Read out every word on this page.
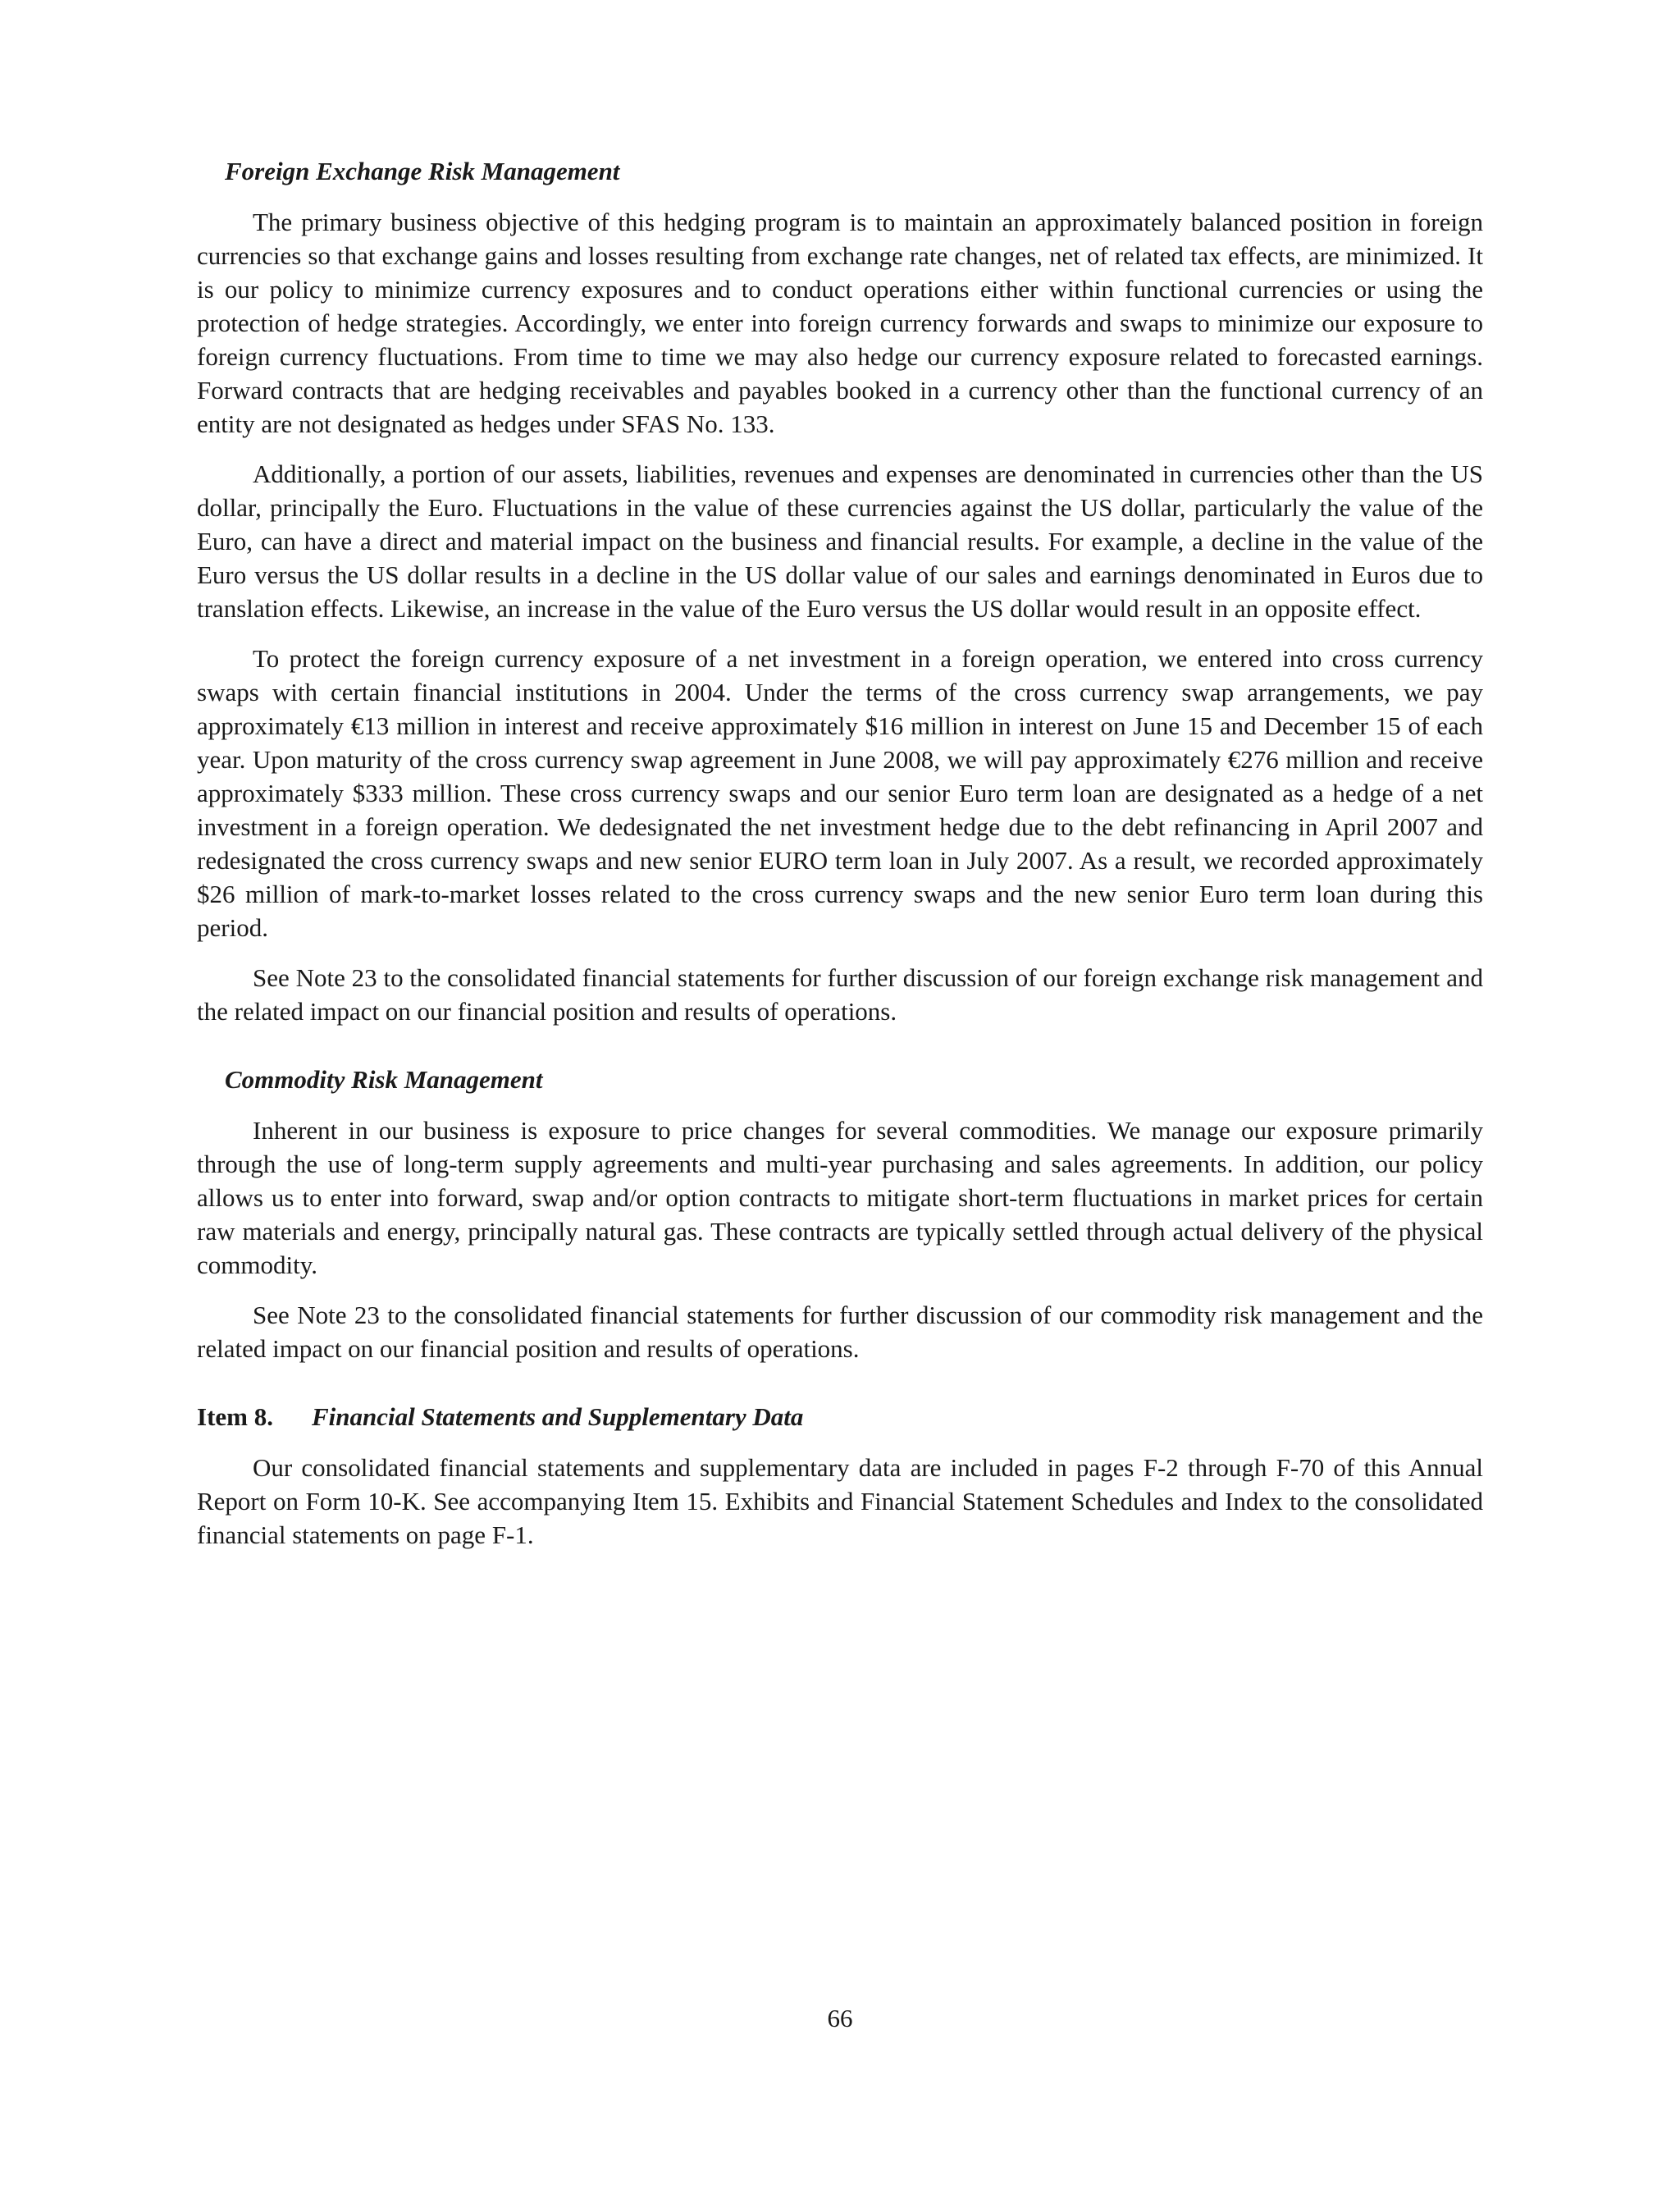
Foreign Exchange Risk Management

The primary business objective of this hedging program is to maintain an approximately balanced position in foreign currencies so that exchange gains and losses resulting from exchange rate changes, net of related tax effects, are minimized. It is our policy to minimize currency exposures and to conduct operations either within functional currencies or using the protection of hedge strategies. Accordingly, we enter into foreign currency forwards and swaps to minimize our exposure to foreign currency fluctuations. From time to time we may also hedge our currency exposure related to forecasted earnings. Forward contracts that are hedging receivables and payables booked in a currency other than the functional currency of an entity are not designated as hedges under SFAS No. 133.

Additionally, a portion of our assets, liabilities, revenues and expenses are denominated in currencies other than the US dollar, principally the Euro. Fluctuations in the value of these currencies against the US dollar, particularly the value of the Euro, can have a direct and material impact on the business and financial results. For example, a decline in the value of the Euro versus the US dollar results in a decline in the US dollar value of our sales and earnings denominated in Euros due to translation effects. Likewise, an increase in the value of the Euro versus the US dollar would result in an opposite effect.

To protect the foreign currency exposure of a net investment in a foreign operation, we entered into cross currency swaps with certain financial institutions in 2004. Under the terms of the cross currency swap arrangements, we pay approximately €13 million in interest and receive approximately $16 million in interest on June 15 and December 15 of each year. Upon maturity of the cross currency swap agreement in June 2008, we will pay approximately €276 million and receive approximately $333 million. These cross currency swaps and our senior Euro term loan are designated as a hedge of a net investment in a foreign operation. We dedesignated the net investment hedge due to the debt refinancing in April 2007 and redesignated the cross currency swaps and new senior EURO term loan in July 2007. As a result, we recorded approximately $26 million of mark-to-market losses related to the cross currency swaps and the new senior Euro term loan during this period.

See Note 23 to the consolidated financial statements for further discussion of our foreign exchange risk management and the related impact on our financial position and results of operations.

Commodity Risk Management

Inherent in our business is exposure to price changes for several commodities. We manage our exposure primarily through the use of long-term supply agreements and multi-year purchasing and sales agreements. In addition, our policy allows us to enter into forward, swap and/or option contracts to mitigate short-term fluctuations in market prices for certain raw materials and energy, principally natural gas. These contracts are typically settled through actual delivery of the physical commodity.

See Note 23 to the consolidated financial statements for further discussion of our commodity risk management and the related impact on our financial position and results of operations.

Item 8. Financial Statements and Supplementary Data

Our consolidated financial statements and supplementary data are included in pages F-2 through F-70 of this Annual Report on Form 10-K. See accompanying Item 15. Exhibits and Financial Statement Schedules and Index to the consolidated financial statements on page F-1.

66
